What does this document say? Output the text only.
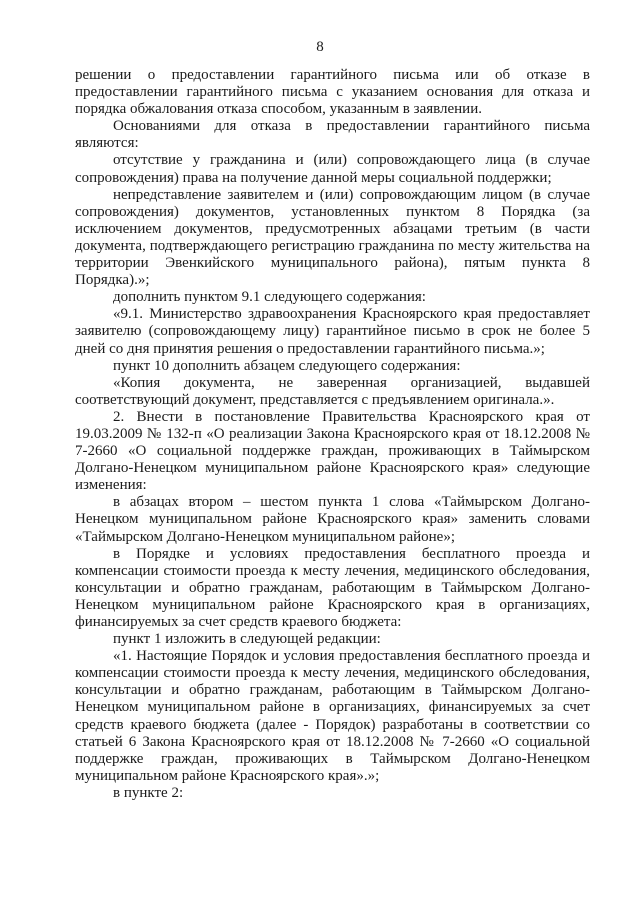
8

решении о предоставлении гарантийного письма или об отказе в предоставлении гарантийного письма с указанием основания для отказа и порядка обжалования отказа способом, указанным в заявлении.

Основаниями для отказа в предоставлении гарантийного письма являются:

отсутствие у гражданина и (или) сопровождающего лица (в случае сопровождения) права на получение данной меры социальной поддержки;

непредставление заявителем и (или) сопровождающим лицом (в случае сопровождения) документов, установленных пунктом 8 Порядка (за исключением документов, предусмотренных абзацами третьим (в части документа, подтверждающего регистрацию гражданина по месту жительства на территории Эвенкийского муниципального района), пятым пункта 8 Порядка).»;

дополнить пунктом 9.1 следующего содержания:

«9.1. Министерство здравоохранения Красноярского края предоставляет заявителю (сопровождающему лицу) гарантийное письмо в срок не более 5 дней со дня принятия решения о предоставлении гарантийного письма.»;

пункт 10 дополнить абзацем следующего содержания:

«Копия документа, не заверенная организацией, выдавшей соответствующий документ, представляется с предъявлением оригинала.».

2. Внести в постановление Правительства Красноярского края от 19.03.2009 № 132-п «О реализации Закона Красноярского края от 18.12.2008 № 7-2660 «О социальной поддержке граждан, проживающих в Таймырском Долгано-Ненецком муниципальном районе Красноярского края» следующие изменения:

в абзацах втором – шестом пункта 1 слова «Таймырском Долгано-Ненецком муниципальном районе Красноярского края» заменить словами «Таймырском Долгано-Ненецком муниципальном районе»;

в Порядке и условиях предоставления бесплатного проезда и компенсации стоимости проезда к месту лечения, медицинского обследования, консультации и обратно гражданам, работающим в Таймырском Долгано-Ненецком муниципальном районе Красноярского края в организациях, финансируемых за счет средств краевого бюджета:

пункт 1 изложить в следующей редакции:

«1. Настоящие Порядок и условия предоставления бесплатного проезда и компенсации стоимости проезда к месту лечения, медицинского обследования, консультации и обратно гражданам, работающим в Таймырском Долгано-Ненецком муниципальном районе в организациях, финансируемых за счет средств краевого бюджета (далее - Порядок) разработаны в соответствии со статьей 6 Закона Красноярского края от 18.12.2008 № 7-2660 «О социальной поддержке граждан, проживающих в Таймырском Долгано-Ненецком муниципальном районе Красноярского края».»;

в пункте 2:
